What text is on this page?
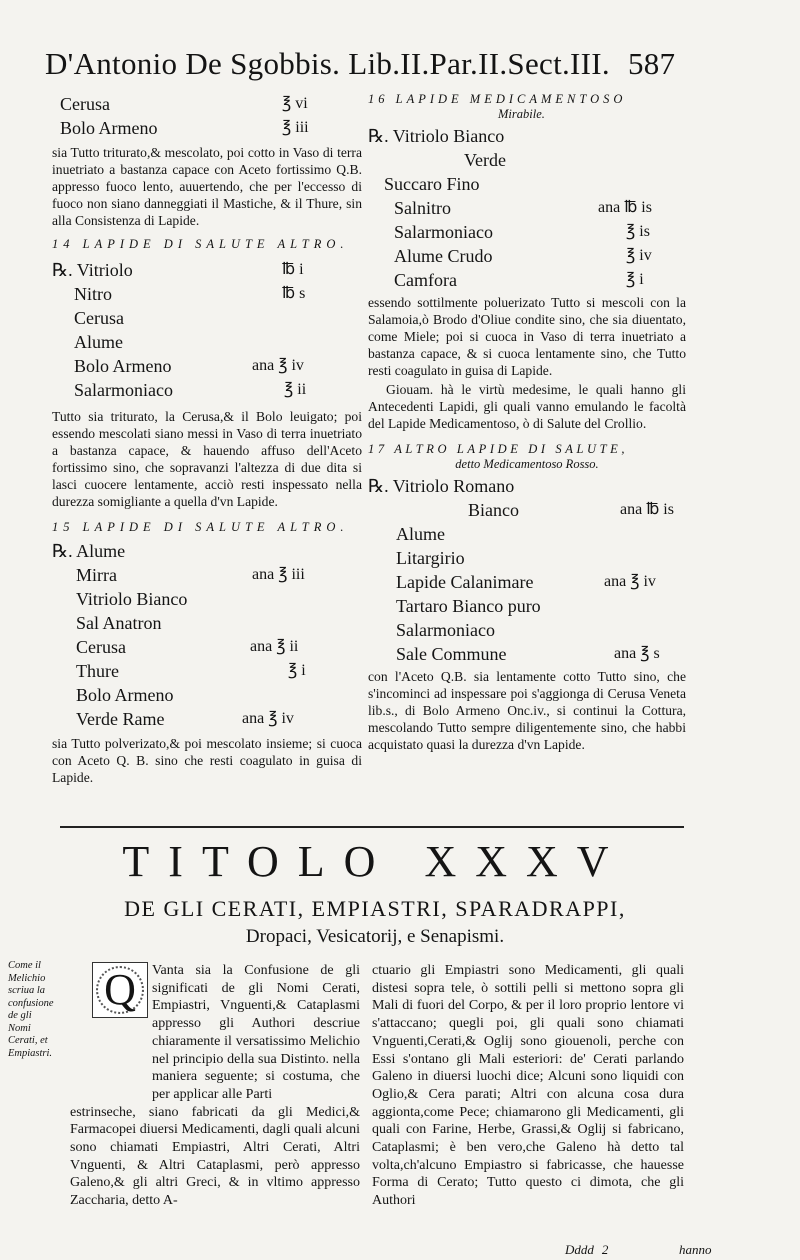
D'Antonio De Sgobbis. Lib.II.Par.II.Sect.III. 587
Cerusa	℥ vi
Bolo Armeno	℥ iii

sia Tutto triturato,& mescolato, poi cotto in Vaso di terra inuetriato a bastanza capace con Aceto fortissimo Q.B. appresso fuoco lento, auuertendo, che per l'eccesso di fuoco non siano danneggiati il Mastiche, & il Thure, sin alla Consistenza di Lapide.

14 LAPIDE DI SALUTE ALTRO.

℞. Vitriolo	℔ i
Nitro	℔ s
Cerusa
Alume
Bolo Armeno	ana ℥ iv
Salarmoniaco	℥ ii

Tutto sia triturato, la Cerusa,& il Bolo leuigato; poi essendo mescolati siano messi in Vaso di terra inuetriato a bastanza capace, & hauendo affuso dell'Aceto fortissimo sino, che sopravanzi l'altezza di due dita si lasci cuocere lentamente, acciò resti inspessato nella durezza somigliante a quella d'vn Lapide.

15 LAPIDE DI SALUTE ALTRO.

℞. Alume
Mirra	ana ℥ iii
Vitriolo Bianco
Sal Anatron
Cerusa	ana ℥ ii
Thure	℥ i
Bolo Armeno
Verde Rame	ana ℥ iv

sia Tutto polverizato,& poi mescolato insieme; si cuoca con Aceto Q. B. sino che resti coagulato in guisa di Lapide.

16 LAPIDE MEDICAMENTOSO

Mirabile.

℞. Vitriolo Bianco
Verde
Succaro Fino
Salnitro	ana ℔ is
Salarmoniaco	℥ is
Alume Crudo	℥ iv
Camfora	℥ i

essendo sottilmente poluerizato Tutto si mescoli con la Salamoia,ò Brodo d'Oliue condite sino, che sia diuentato, come Miele; poi si cuoca in Vaso di terra inuetriato a bastanza capace, & si cuoca lentamente sino, che Tutto resti coagulato in guisa di Lapide.

Giouam. hà le virtù medesime, le quali hanno gli Antecedenti Lapidi, gli quali vanno emulando le facoltà del Lapide Medicamentoso, ò di Salute del Crollio.

17 ALTRO LAPIDE DI SALUTE,

detto Medicamentoso Rosso.

℞. Vitriolo Romano
Bianco	ana ℔ is
Alume
Litargirio
Lapide Calanimare	ana ℥ iv
Tartaro Bianco puro
Salarmoniaco
Sale Commune	ana ℥ s

con l'Aceto Q.B. sia lentamente cotto Tutto sino, che s'incominci ad inspessare poi s'aggionga di Cerusa Veneta lib.s., di Bolo Armeno Onc.iv., si continui la Cottura, mescolando Tutto sempre diligentemente sino, che habbi acquistato quasi la durezza d'vn Lapide.

TITOLO XXXV
DE GLI CERATI, EMPIASTRI, SPARADRAPPI,
Dropaci, Vesicatorij, e Senapismi.
Come il Melichio scriua la confusione de gli Nomi Cerati, et Empiastri.

Vanta sia la Confusione de gli significati de gli Nomi Cerati, Empiastri, Vnguenti,& Cataplasmi appresso gli Authori descriue chiaramente il versatissimo Melichio nel principio della sua Distinto. nella maniera seguente; si costuma, che per applicar alle Parti

estrinseche, siano fabricati da gli Medici,& Farmacopei diuersi Medicamenti, dagli quali alcuni sono chiamati Empiastri, Altri Cerati, Altri Vnguenti, & Altri Cataplasmi, però appresso Galeno,& gli altri Greci, & in vltimo appresso Zaccharia, detto A-

Q	ctuario gli Empiastri sono Medicamenti, gli quali distesi sopra tele, ò sottili pelli si mettono sopra gli Mali di fuori del Corpo, & per il loro proprio lentore vi s'attaccano; quegli poi, gli quali sono chiamati Vnguenti,Cerati,& Oglij sono giouenoli, perche con Essi s'ontano gli Mali esteriori: de' Cerati parlando Galeno in diuersi luochi dice; Alcuni sono liquidi con Oglio,& Cera parati; Altri con alcuna cosa dura aggionta,come Pece; chiamarono gli Medicamenti, gli quali con Farine, Herbe, Grassi,& Oglij si fabricano, Cataplasmi; è ben vero,che Galeno hà detto tal volta,ch'alcuno Empiastro si fabricasse, che hauesse Forma di Cerato; Tutto questo ci dimota, che gli Authori

Dddd 2	hanno
